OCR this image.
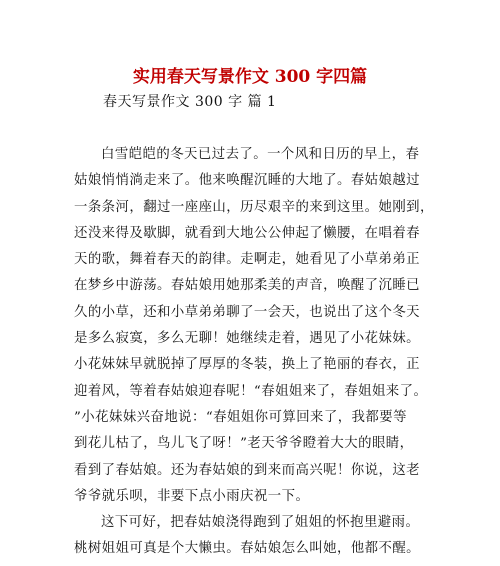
实用春天写景作文 300 字四篇
春天写景作文 300 字 篇 1
白雪皑皑的冬天已过去了。一个风和日历的早上，春
姑娘悄悄淌走来了。他来唤醒沉睡的大地了。春姑娘越过
一条条河，翻过一座座山，历尽艰辛的来到这里。她刚到，
还没来得及歇脚，就看到大地公公伸起了懒腰，在唱着春
天的歌，舞着春天的韵律。走啊走，她看见了小草弟弟正
在梦乡中游荡。春姑娘用她那柔美的声音，唤醒了沉睡已
久的小草，还和小草弟弟聊了一会天，也说出了这个冬天
是多么寂寞，多么无聊！她继续走着，遇见了小花妹妹。
小花妹妹早就脱掉了厚厚的冬装，换上了艳丽的春衣，正
迎着风，等着春姑娘迎春呢！“春姐姐来了，春姐姐来了。
”小花妹妹兴奋地说：“春姐姐你可算回来了，我都要等
到花儿枯了，鸟儿飞了呀！”老天爷爷瞪着大大的眼睛，
看到了春姑娘。还为春姑娘的到来而高兴呢！你说，这老
爷爷就乐呗，非要下点小雨庆祝一下。
这下可好，把春姑娘浇得跑到了姐姐的怀抱里避雨。
桃树姐姐可真是个大懒虫。春姑娘怎么叫她，他都不醒。
